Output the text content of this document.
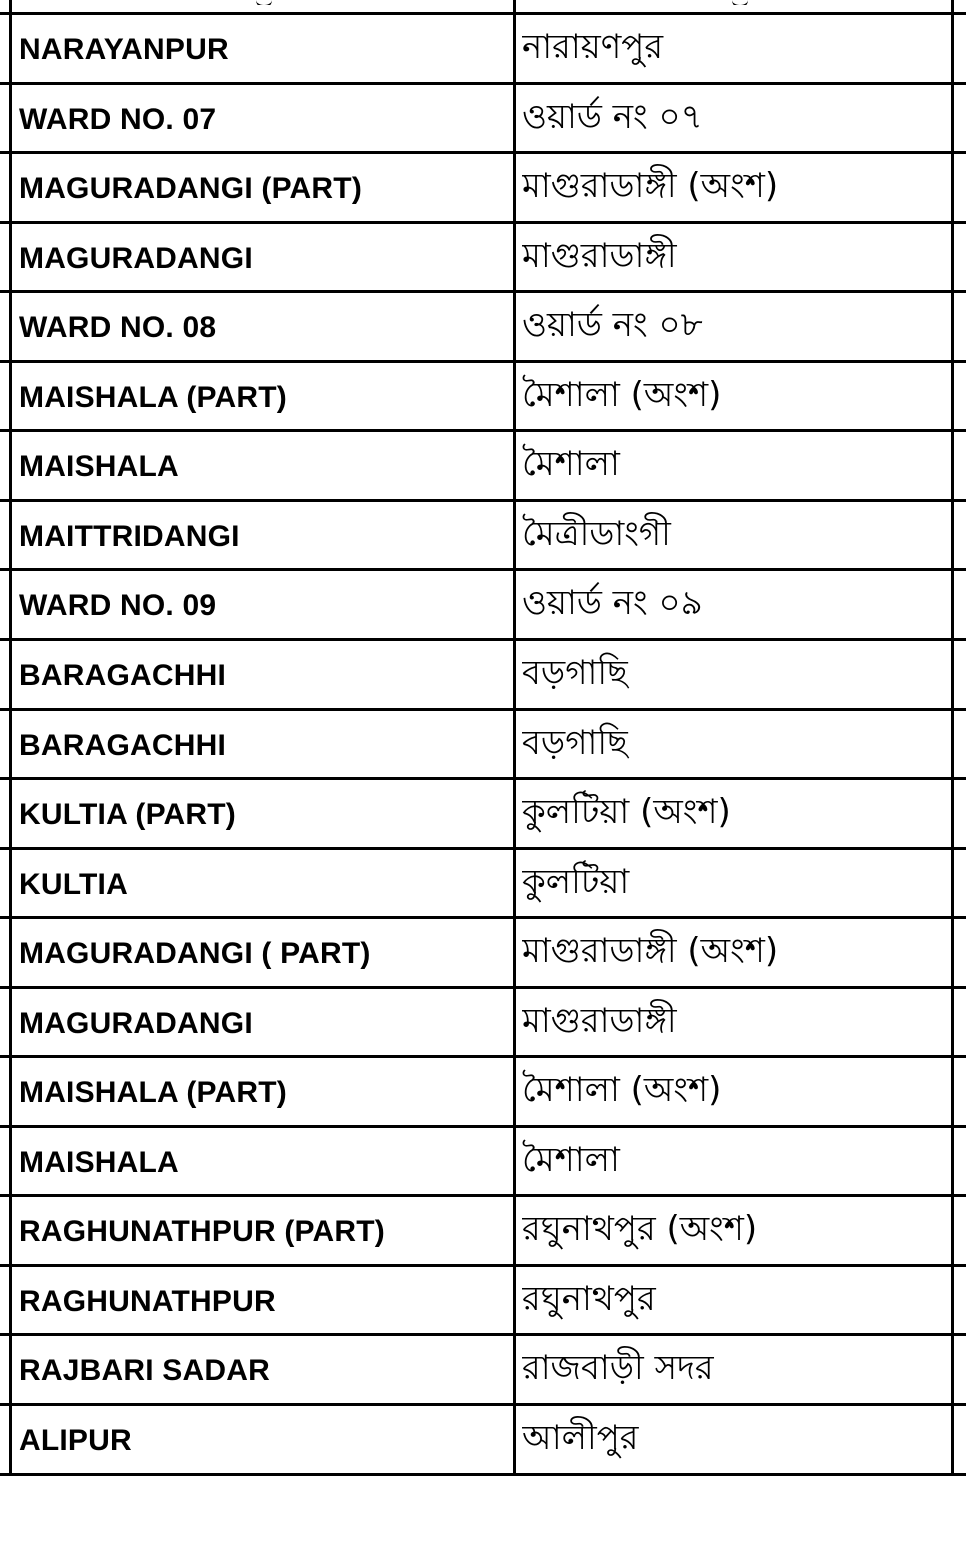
NARAYANPUR	নারায়ণপুর
WARD NO. 07	ওয়ার্ড নং ০৭
MAGURADANGI (PART)	মাগুরাডাঙ্গী (অংশ)
MAGURADANGI	মাগুরাডাঙ্গী
WARD NO. 08	ওয়ার্ড নং ০৮
MAISHALA (PART)	মৈশালা (অংশ)
MAISHALA	মৈশালা
MAITTRIDANGI	মৈত্রীডাংগী
WARD NO. 09	ওয়ার্ড নং ০৯
BARAGACHHI	বড়গাছি
BARAGACHHI	বড়গাছি
KULTIA (PART)	কুলটিয়া (অংশ)
KULTIA	কুলটিয়া
MAGURADANGI ( PART)	মাগুরাডাঙ্গী (অংশ)
MAGURADANGI	মাগুরাডাঙ্গী
MAISHALA (PART)	মৈশালা (অংশ)
MAISHALA	মৈশালা
RAGHUNATHPUR (PART)	রঘুনাথপুর (অংশ)
RAGHUNATHPUR	রঘুনাথপুর
RAJBARI SADAR	রাজবাড়ী সদর
ALIPUR	আলীপুর
